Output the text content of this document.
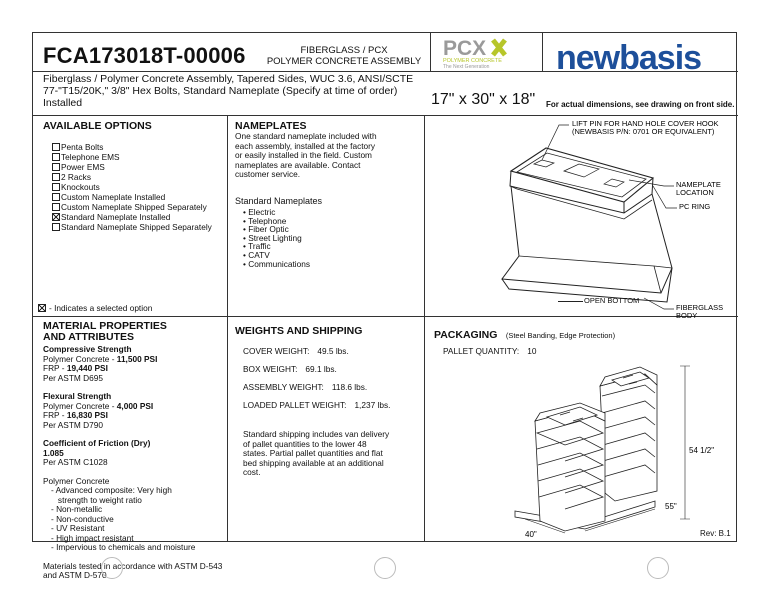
FCA173018T-00006	FIBERGLASS / PCX
POLYMER CONCRETE ASSEMBLY
PCX
POLYMER CONCRETE
The Next Generation newbasis
Fiberglass / Polymer Concrete Assembly, Tapered Sides, WUC 3.6, ANSI/SCTE 77-"T15/20K," 3/8" Hex Bolts, Standard Nameplate (Specify at time of order) Installed	17" x 30" x 18" For actual dimensions, see drawing on front side.
AVAILABLE OPTIONS
Penta Bolts
Telephone EMS
Power EMS
2 Racks
Knockouts
Custom Nameplate Installed
Custom Nameplate Shipped Separately
Standard Nameplate Installed
Standard Nameplate Shipped Separately
- Indicates a selected option
NAMEPLATES
One standard nameplate included with each assembly, installed at the factory or easily installed in the field. Custom nameplates are available. Contact customer service.
Standard Nameplates
• Electric
• Telephone
• Fiber Optic
• Street Lighting
• Traffic
• CATV
• Communications
LIFT PIN FOR HAND HOLE COVER HOOK
(NEWBASIS P/N: 0701 OR EQUIVALENT)
NAMEPLATE
LOCATION
PC RING
FIBERGLASS
BODY
OPEN BOTTOM
MATERIAL PROPERTIES
AND ATTRIBUTES
Compressive Strength
Polymer Concrete - 11,500 PSI
FRP - 19,440 PSI
Per ASTM D695
Flexural Strength
Polymer Concrete - 4,000 PSI
FRP - 16,830 PSI
Per ASTM D790
Coefficient of Friction (Dry)
1.085
Per ASTM C1028
Polymer Concrete
- Advanced composite: Very high
strength to weight ratio
- Non-metallic
- Non-conductive
- UV Resistant
- High impact resistant
- Impervious to chemicals and moisture
Materials tested in accordance with ASTM D-543 and ASTM D-570
WEIGHTS AND SHIPPING
COVER WEIGHT: 49.5 lbs.
BOX WEIGHT: 69.1 lbs.
ASSEMBLY WEIGHT: 118.6 lbs.
LOADED PALLET WEIGHT: 1,237 lbs.
Standard shipping includes van delivery of pallet quantities to the lower 48 states. Partial pallet quantities and flat bed shipping available at an additional cost.
PACKAGING (Steel Banding, Edge Protection)
PALLET QUANTITY: 10
54 1/2"
40"
55"
Rev: B.1
